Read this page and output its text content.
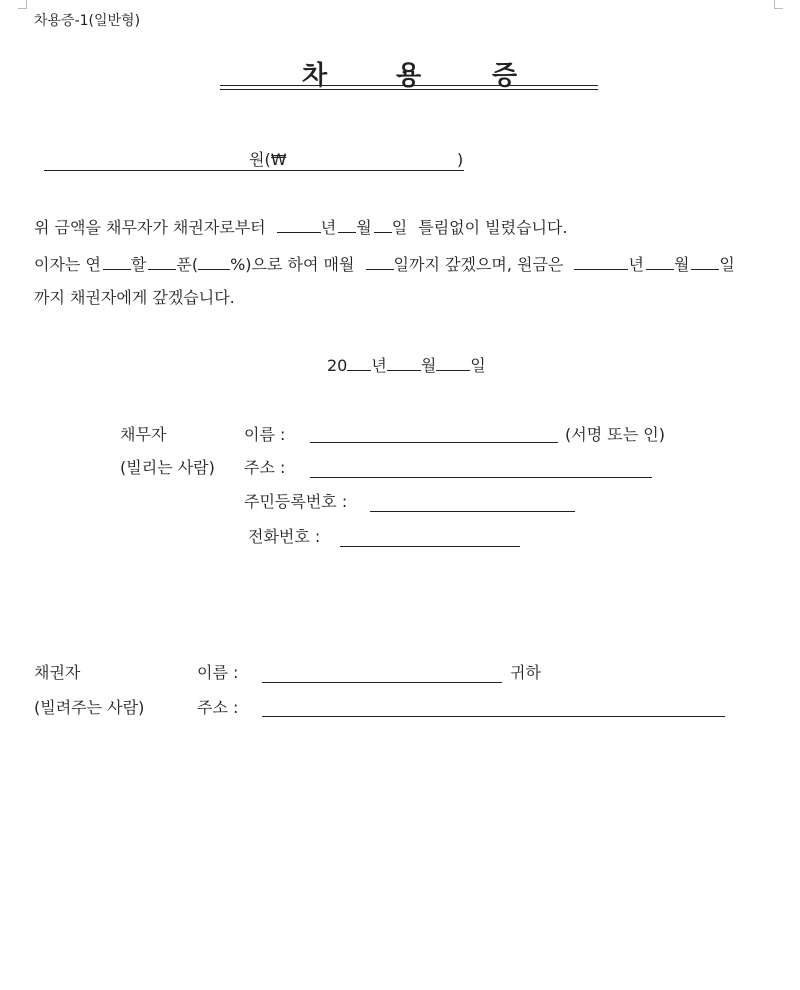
차용증-1(일반형)
차	용	증
원(₩	)
위 금액을 채무자가 채권자로부터	년 월 일 틀림없이 빌렸습니다.
이자는 연 할 푼( %)으로 하여 매월 일까지 갚겠으며, 원금은	년 월 일
까지 채권자에게 갚겠습니다.
20 년 월 일
채무자
(빌리는 사람)
이름 :	(서명 또는 인)
주소 :
주민등록번호 :
전화번호 :
채권자
(빌려주는 사람)
이름 :	귀하
주소 :
